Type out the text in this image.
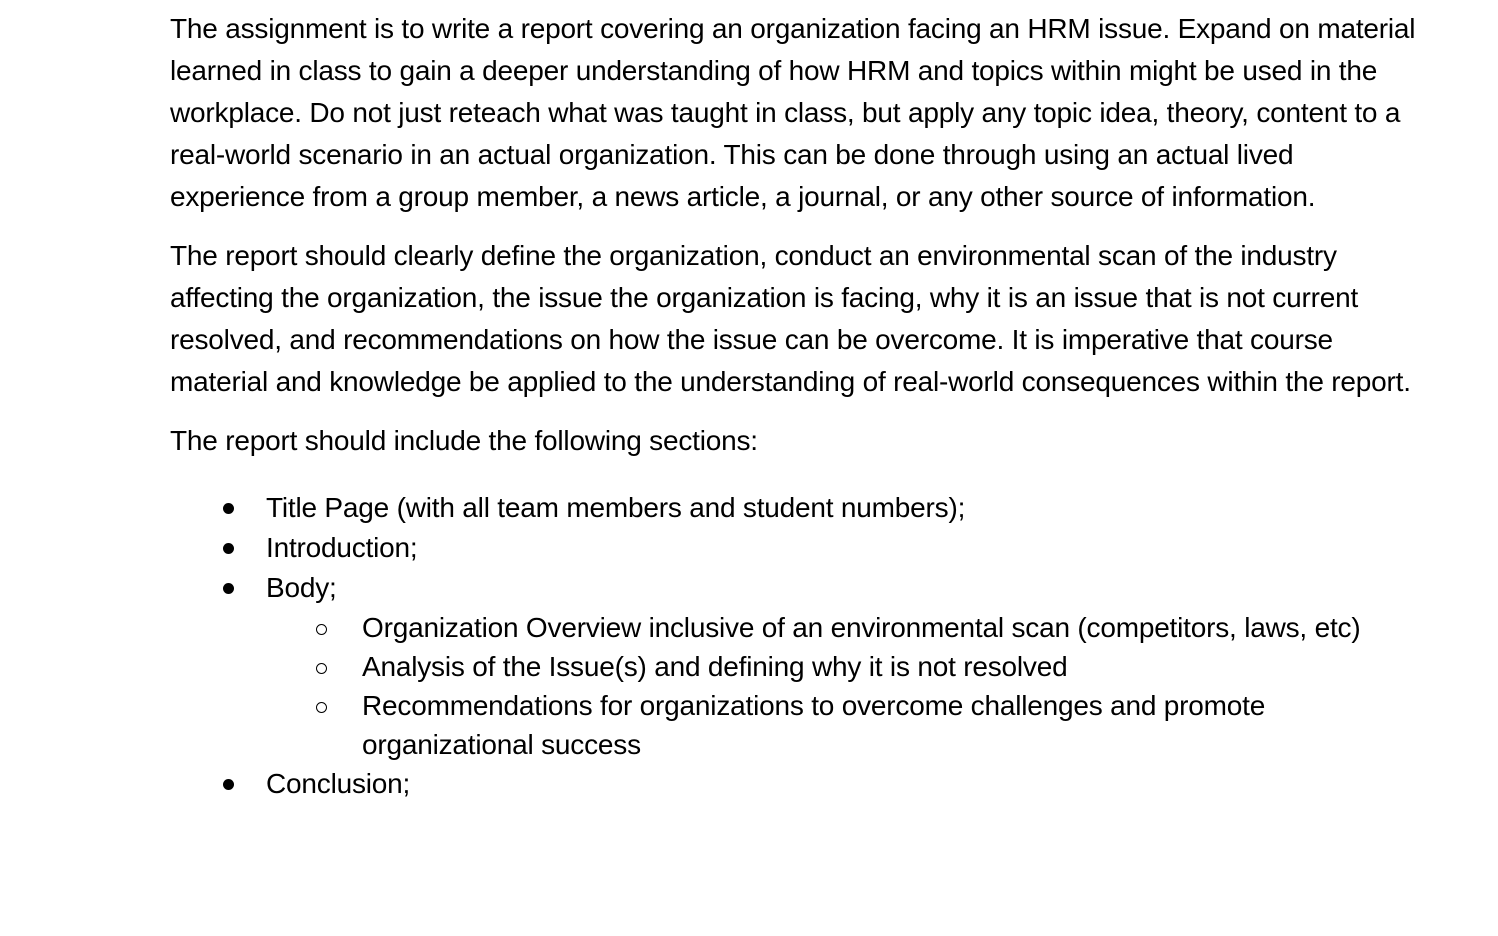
The assignment is to write a report covering an organization facing an HRM issue. Expand on material learned in class to gain a deeper understanding of how HRM and topics within might be used in the workplace. Do not just reteach what was taught in class, but apply any topic idea, theory, content to a real-world scenario in an actual organization. This can be done through using an actual lived experience from a group member, a news article, a journal, or any other source of information.

The report should clearly define the organization, conduct an environmental scan of the industry affecting the organization, the issue the organization is facing, why it is an issue that is not current resolved, and recommendations on how the issue can be overcome. It is imperative that course material and knowledge be applied to the understanding of real-world consequences within the report.

The report should include the following sections:

Title Page (with all team members and student numbers);
Introduction;
Body;
Organization Overview inclusive of an environmental scan (competitors, laws, etc)
Analysis of the Issue(s) and defining why it is not resolved
Recommendations for organizations to overcome challenges and promote organizational success
Conclusion;
